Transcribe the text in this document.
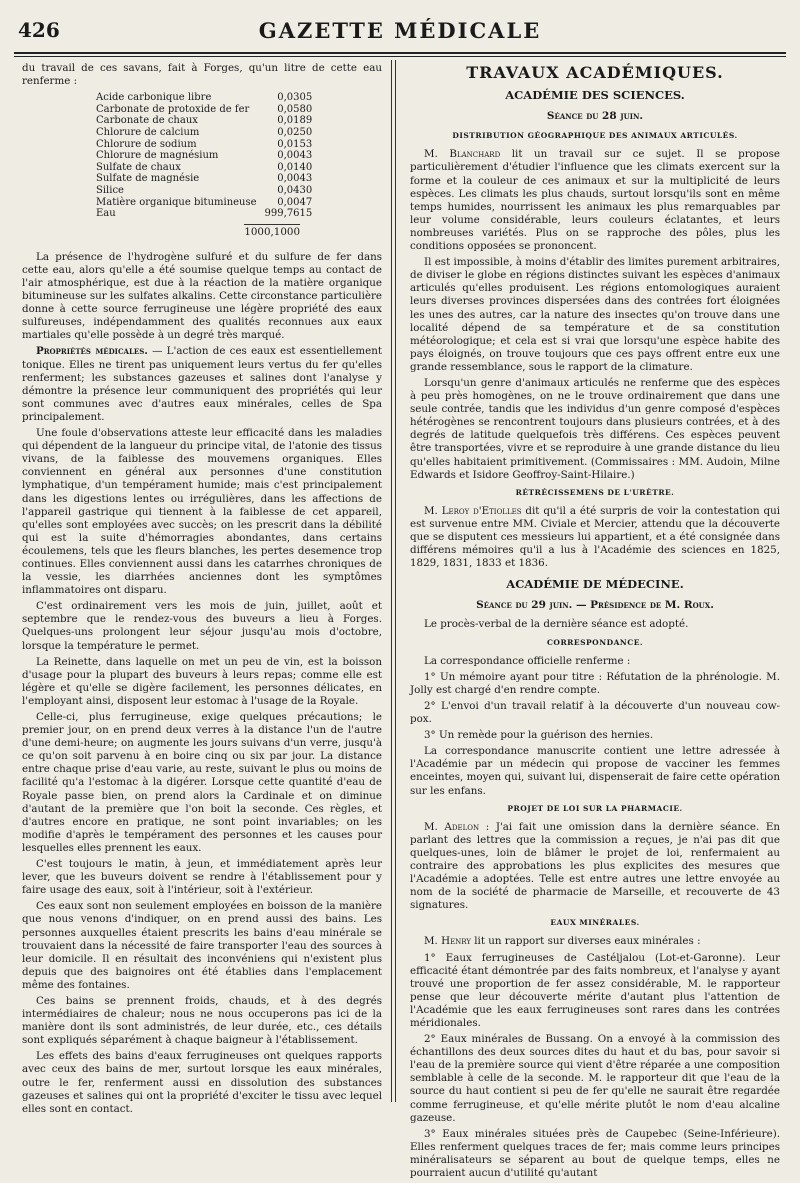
426	GAZETTE MÉDICALE

du travail de ces savans, fait à Forges, qu'un litre de cette eau renferme :

Acide carbonique libre	0,0305
Carbonate de protoxide de fer	0,0580
Carbonate de chaux	0,0189
Chlorure de calcium	0,0250
Chlorure de sodium	0,0153
Chlorure de magnésium	0,0043
Sulfate de chaux	0,0140
Sulfate de magnésie	0,0043
Silice	0,0430
Matière organique bitumineuse	0,0047
Eau	999,7615
1000,1000

La présence de l'hydrogène sulfuré et du sulfure de fer dans cette eau, alors qu'elle a été soumise quelque temps au contact de l'air atmosphérique, est due à la réaction de la matière organique bitumineuse sur les sulfates alkalins. Cette circonstance particulière donne à cette source ferrugineuse une légère propriété des eaux sulfureuses, indépendamment des qualités reconnues aux eaux martiales qu'elle possède à un degré très marqué.

Propriétés médicales. — L'action de ces eaux est essentiellement tonique. Elles ne tirent pas uniquement leurs vertus du fer qu'elles renferment; les substances gazeuses et salines dont l'analyse y démontre la présence leur communiquent des propriétés qui leur sont communes avec d'autres eaux minérales, celles de Spa principalement.

Une foule d'observations atteste leur efficacité dans les maladies qui dépendent de la langueur du principe vital, de l'atonie des tissus vivans, de la faiblesse des mouvemens organiques. Elles conviennent en général aux personnes d'une constitution lymphatique, d'un tempérament humide; mais c'est principalement dans les digestions lentes ou irrégulières, dans les affections de l'appareil gastrique qui tiennent à la faiblesse de cet appareil, qu'elles sont employées avec succès; on les prescrit dans la débilité qui est la suite d'hémorragies abondantes, dans certains écoulemens, tels que les fleurs blanches, les pertes desemence trop continues. Elles conviennent aussi dans les catarrhes chroniques de la vessie, les diarrhées anciennes dont les symptômes inflammatoires ont disparu.

C'est ordinairement vers les mois de juin, juillet, août et septembre que le rendez-vous des buveurs a lieu à Forges. Quelques-uns prolongent leur séjour jusqu'au mois d'octobre, lorsque la température le permet.

La Reinette, dans laquelle on met un peu de vin, est la boisson d'usage pour la plupart des buveurs à leurs repas; comme elle est légère et qu'elle se digère facilement, les personnes délicates, en l'employant ainsi, disposent leur estomac à l'usage de la Royale.

Celle-ci, plus ferrugineuse, exige quelques précautions; le premier jour, on en prend deux verres à la distance l'un de l'autre d'une demi-heure; on augmente les jours suivans d'un verre, jusqu'à ce qu'on soit parvenu à en boire cinq ou six par jour. La distance entre chaque prise d'eau varie, au reste, suivant le plus ou moins de facilité qu'a l'estomac à la digérer. Lorsque cette quantité d'eau de Royale passe bien, on prend alors la Cardinale et on diminue d'autant de la première que l'on boit la seconde. Ces règles, et d'autres encore en pratique, ne sont point invariables; on les modifie d'après le tempérament des personnes et les causes pour lesquelles elles prennent les eaux.

C'est toujours le matin, à jeun, et immédiatement après leur lever, que les buveurs doivent se rendre à l'établissement pour y faire usage des eaux, soit à l'intérieur, soit à l'extérieur.

Ces eaux sont non seulement employées en boisson de la manière que nous venons d'indiquer, on en prend aussi des bains. Les personnes auxquelles étaient prescrits les bains d'eau minérale se trouvaient dans la nécessité de faire transporter l'eau des sources à leur domicile. Il en résultait des inconvéniens qui n'existent plus depuis que des baignoires ont été établies dans l'emplacement même des fontaines.

Ces bains se prennent froids, chauds, et à des degrés intermédiaires de chaleur; nous ne nous occuperons pas ici de la manière dont ils sont administrés, de leur durée, etc., ces détails sont expliqués séparément à chaque baigneur à l'établissement.

Les effets des bains d'eaux ferrugineuses ont quelques rapports avec ceux des bains de mer, surtout lorsque les eaux minérales, outre le fer, renferment aussi en dissolution des substances gazeuses et salines qui ont la propriété d'exciter le tissu avec lequel elles sont en contact.

TRAVAUX ACADÉMIQUES.
ACADÉMIE DES SCIENCES.
Séance du 28 juin.
DISTRIBUTION GÉOGRAPHIQUE DES ANIMAUX ARTICULÉS.

M. Blanchard lit un travail sur ce sujet. Il se propose particulièrement d'étudier l'influence que les climats exercent sur la forme et la couleur de ces animaux et sur la multiplicité de leurs espèces. Les climats les plus chauds, surtout lorsqu'ils sont en même temps humides, nourrissent les animaux les plus remarquables par leur volume considérable, leurs couleurs éclatantes, et leurs nombreuses variétés. Plus on se rapproche des pôles, plus les conditions opposées se prononcent.

Il est impossible, à moins d'établir des limites purement arbitraires, de diviser le globe en régions distinctes suivant les espèces d'animaux articulés qu'elles produisent. Les régions entomologiques auraient leurs diverses provinces dispersées dans des contrées fort éloignées les unes des autres, car la nature des insectes qu'on trouve dans une localité dépend de sa température et de sa constitution météorologique; et cela est si vrai que lorsqu'une espèce habite des pays éloignés, on trouve toujours que ces pays offrent entre eux une grande ressemblance, sous le rapport de la climature.

Lorsqu'un genre d'animaux articulés ne renferme que des espèces à peu près homogènes, on ne le trouve ordinairement que dans une seule contrée, tandis que les individus d'un genre composé d'espèces hétérogènes se rencontrent toujours dans plusieurs contrées, et à des degrés de latitude quelquefois très différens. Ces espèces peuvent être transportées, vivre et se reproduire à une grande distance du lieu qu'elles habitaient primitivement. (Commissaires : MM. Audoin, Milne Edwards et Isidore Geoffroy-Saint-Hilaire.)

RÉTRÉCISSEMENS DE L'URÈTRE.

M. Leroy d'Etiolles dit qu'il a été surpris de voir la contestation qui est survenue entre MM. Civiale et Mercier, attendu que la découverte que se disputent ces messieurs lui appartient, et a été consignée dans différens mémoires qu'il a lus à l'Académie des sciences en 1825, 1829, 1831, 1833 et 1836.

ACADÉMIE DE MÉDECINE.
Séance du 29 juin. — Présidence de M. Roux.

Le procès-verbal de la dernière séance est adopté.

CORRESPONDANCE.

La correspondance officielle renferme :

1° Un mémoire ayant pour titre : Réfutation de la phrénologie. M. Jolly est chargé d'en rendre compte.

2° L'envoi d'un travail relatif à la découverte d'un nouveau cow-pox.

3° Un remède pour la guérison des hernies.

La correspondance manuscrite contient une lettre adressée à l'Académie par un médecin qui propose de vacciner les femmes enceintes, moyen qui, suivant lui, dispenserait de faire cette opération sur les enfans.

PROJET DE LOI SUR LA PHARMACIE.

M. Adelon : J'ai fait une omission dans la dernière séance. En parlant des lettres que la commission a reçues, je n'ai pas dit que quelques-unes, loin de blâmer le projet de loi, renfermaient au contraire des approbations les plus explicites des mesures que l'Académie a adoptées. Telle est entre autres une lettre envoyée au nom de la société de pharmacie de Marseille, et recouverte de 43 signatures.

EAUX MINÉRALES.

M. Henry lit un rapport sur diverses eaux minérales :

1° Eaux ferrugineuses de Castéljalou (Lot-et-Garonne). Leur efficacité étant démontrée par des faits nombreux, et l'analyse y ayant trouvé une proportion de fer assez considérable, M. le rapporteur pense que leur découverte mérite d'autant plus l'attention de l'Académie que les eaux ferrugineuses sont rares dans les contrées méridionales.

2° Eaux minérales de Bussang. On a envoyé à la commission des échantillons des deux sources dites du haut et du bas, pour savoir si l'eau de la première source qui vient d'être réparée a une composition semblable à celle de la seconde. M. le rapporteur dit que l'eau de la source du haut contient si peu de fer qu'elle ne saurait être regardée comme ferrugineuse, et qu'elle mérite plutôt le nom d'eau alcaline gazeuse.

3° Eaux minérales situées près de Caupebec (Seine-Inférieure). Elles renferment quelques traces de fer; mais comme leurs principes minéralisateurs se séparent au bout de quelque temps, elles ne pourraient aucun d'utilité qu'autant
